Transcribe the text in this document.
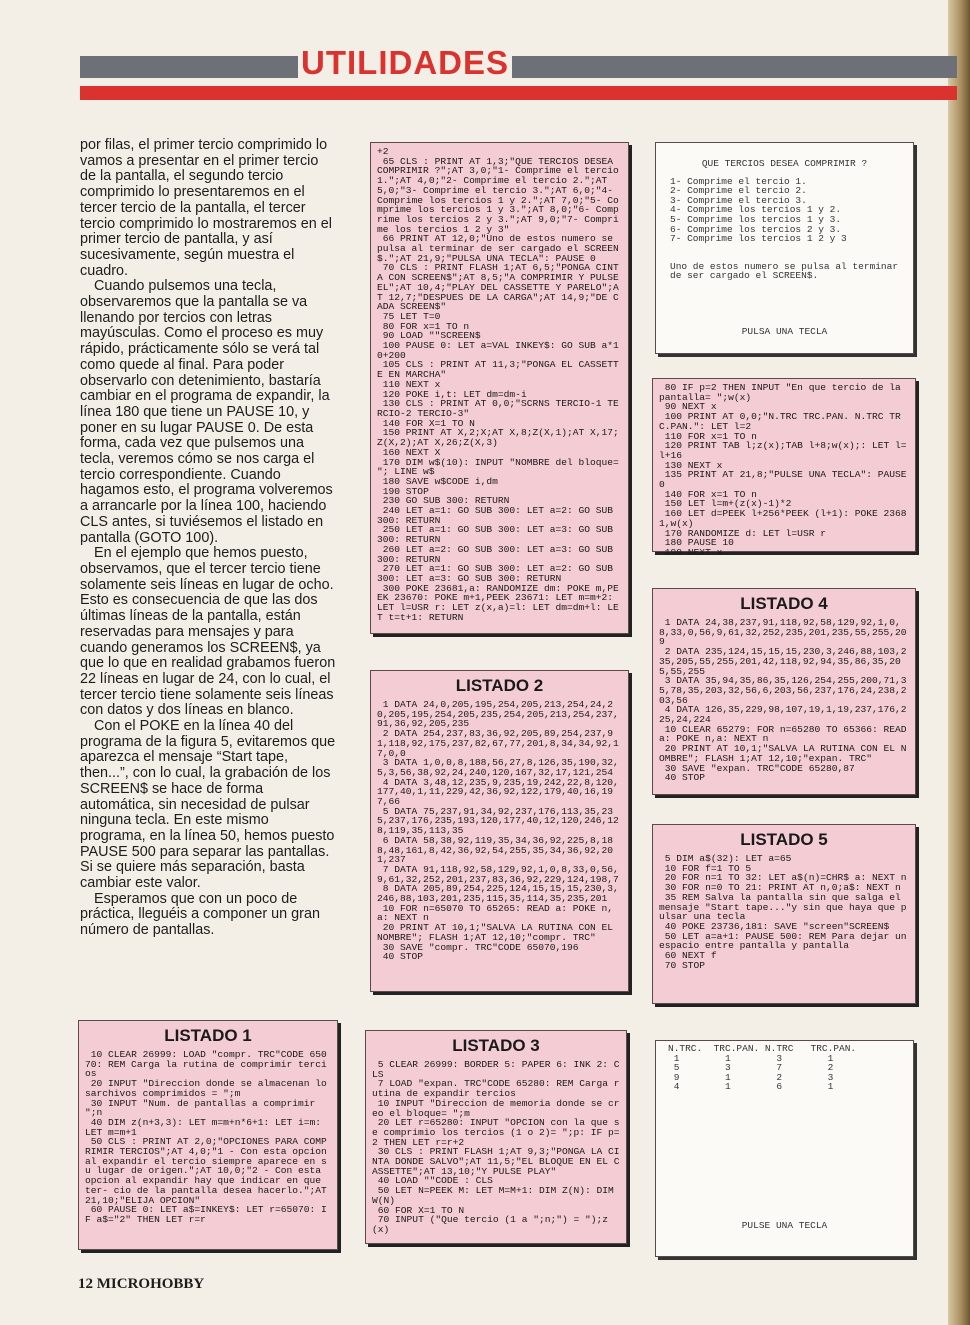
UTILIDADES

por filas, el primer tercio comprimido lo vamos a presentar en el primer tercio de la pantalla, el segundo tercio comprimido lo presentaremos en el tercer tercio de la pantalla, el tercer tercio comprimido lo mostraremos en el primer tercio de pantalla, y así sucesivamente, según muestra el cuadro.

Cuando pulsemos una tecla, observaremos que la pantalla se va llenando por tercios con letras mayúsculas. Como el proceso es muy rápido, prácticamente sólo se verá tal como quede al final. Para poder observarlo con detenimiento, bastaría cambiar en el programa de expandir, la línea 180 que tiene un PAUSE 10, y poner en su lugar PAUSE 0. De esta forma, cada vez que pulsemos una tecla, veremos cómo se nos carga el tercio correspondiente. Cuando hagamos esto, el programa volveremos a arrancarle por la línea 100, haciendo CLS antes, si tuviésemos el listado en pantalla (GOTO 100).

En el ejemplo que hemos puesto, observamos, que el tercer tercio tiene solamente seis líneas en lugar de ocho. Esto es consecuencia de que las dos últimas líneas de la pantalla, están reservadas para mensajes y para cuando generamos los SCREEN$, ya que lo que en realidad grabamos fueron 22 líneas en lugar de 24, con lo cual, el tercer tercio tiene solamente seis líneas con datos y dos líneas en blanco.

Con el POKE en la línea 40 del programa de la figura 5, evitaremos que aparezca el mensaje “Start tape, then...”, con lo cual, la grabación de los SCREEN$ se hace de forma automática, sin necesidad de pulsar ninguna tecla. En este mismo programa, en la línea 50, hemos puesto PAUSE 500 para separar las pantallas. Si se quiere más separación, basta cambiar este valor.

Esperamos que con un poco de práctica, lleguéis a componer un gran número de pantallas.

+2
65 CLS : PRINT AT 1,3;"QUE TERCIOS DESEA COMPRIMIR ?";AT 3,0;"1- Comprime el tercio 1.";AT 4,0;"2- Comprime el tercio 2.";AT 5,0;"3- Comprime el tercio 3.";AT 6,0;"4- Comprime los tercios 1 y 2.";AT 7,0;"5- Comprime los tercios 1 y 3.";AT 8,0;"6- Comprime los tercios 2 y 3.";AT 9,0;"7- Comprime los tercios 1 2 y 3"
66 PRINT AT 12,0;"Uno de estos numero se pulsa al terminar de ser cargado el SCREEN$.";AT 21,9;"PULSA UNA TECLA": PAUSE 0
70 CLS : PRINT FLASH 1;AT 6,5;"PONGA CINTA CON SCREEN$";AT 8,5;"A COMPRIMIR Y PULSE EL";AT 10,4;"PLAY DEL CASSETTE Y PARELO";AT 12,7;"DESPUES DE LA CARGA";AT 14,9;"DE CADA SCREEN$"
75 LET T=0
80 FOR x=1 TO n
90 LOAD ""SCREEN$
100 PAUSE 0: LET a=VAL INKEY$: GO SUB a*10+200
105 CLS : PRINT AT 11,3;"PONGA EL CASSETTE EN MARCHA"
110 NEXT x
120 POKE i,t: LET dm=dm-i
130 CLS : PRINT AT 0,0;"SCRNS TERCIO-1 TERCIO-2 TERCIO-3"
140 FOR X=1 TO N
150 PRINT AT X,2;X;AT X,8;Z(X,1);AT X,17;Z(X,2);AT X,26;Z(X,3)
160 NEXT X
170 DIM w$(10): INPUT "NOMBRE del bloque= "; LINE w$
180 SAVE w$CODE i,dm
190 STOP
230 GO SUB 300: RETURN
240 LET a=1: GO SUB 300: LET a=2: GO SUB 300: RETURN
250 LET a=1: GO SUB 300: LET a=3: GO SUB 300: RETURN
260 LET a=2: GO SUB 300: LET a=3: GO SUB 300: RETURN
270 LET a=1: GO SUB 300: LET a=2: GO SUB 300: LET a=3: GO SUB 300: RETURN
300 POKE 23681,a: RANDOMIZE dm: POKE m,PEEK 23670: POKE m+1,PEEK 23671: LET m=m+2: LET l=USR r: LET z(x,a)=l: LET dm=dm+l: LET t=t+1: RETURN
QUE TERCIOS DESEA COMPRIMIR ?
1- Comprime el tercio 1.
2- Comprime el tercio 2.
3- Comprime el tercio 3.
4- Comprime los tercios 1 y 2.
5- Comprime los tercios 1 y 3.
6- Comprime los tercios 2 y 3.
7- Comprime los tercios 1 2 y 3
Uno de estos numero se pulsa al terminar de ser cargado el SCREEN$.
PULSA UNA TECLA
80 IF p=2 THEN INPUT "En que tercio de la pantalla= ";w(x)
90 NEXT x
100 PRINT AT 0,0;"N.TRC TRC.PAN. N.TRC TRC.PAN.": LET l=2
110 FOR x=1 TO n
120 PRINT TAB l;z(x);TAB l+8;w(x);: LET l=l+16
130 NEXT x
135 PRINT AT 21,8;"PULSE UNA TECLA": PAUSE 0
140 FOR x=1 TO n
150 LET l=m+(z(x)-1)*2
160 LET d=PEEK l+256*PEEK (l+1): POKE 23681,w(x)
170 RANDOMIZE d: LET l=USR r
180 PAUSE 10
190 NEXT x
LISTADO 4
1 DATA 24,38,237,91,118,92,58,129,92,1,0,8,33,0,56,9,61,32,252,235,201,235,55,255,209
2 DATA 235,124,15,15,15,230,3,246,88,103,235,205,55,255,201,42,118,92,94,35,86,35,205,55,255
3 DATA 35,94,35,86,35,126,254,255,200,71,35,78,35,203,32,56,6,203,56,237,176,24,238,203,56
4 DATA 126,35,229,98,107,19,1,19,237,176,225,24,224
10 CLEAR 65279: FOR n=65280 TO 65366: READ a: POKE n,a: NEXT n
20 PRINT AT 10,1;"SALVA LA RUTINA CON EL NOMBRE"; FLASH 1;AT 12,10;"expan. TRC"
30 SAVE "expan. TRC"CODE 65280,87
40 STOP
LISTADO 2
1 DATA 24,0,205,195,254,205,213,254,24,20,205,195,254,205,235,254,205,213,254,237,91,36,92,205,235
2 DATA 254,237,83,36,92,205,89,254,237,91,118,92,175,237,82,67,77,201,8,34,34,92,17,0,0
3 DATA 1,0,0,8,188,56,27,8,126,35,190,32,5,3,56,38,92,24,240,120,167,32,17,121,254
4 DATA 3,48,12,235,9,235,19,242,22,8,120,177,40,1,11,229,42,36,92,122,179,40,16,197,66
5 DATA 75,237,91,34,92,237,176,113,35,235,237,176,235,193,120,177,40,12,120,246,128,119,35,113,35
6 DATA 58,38,92,119,35,34,36,92,225,8,188,48,161,8,42,36,92,54,255,35,34,36,92,201,237
7 DATA 91,118,92,58,129,92,1,0,8,33,0,56,9,61,32,252,201,237,83,36,92,229,124,198,7
8 DATA 205,89,254,225,124,15,15,15,230,3,246,88,103,201,235,115,35,114,35,235,201
10 FOR n=65070 TO 65265: READ a: POKE n,a: NEXT n
20 PRINT AT 10,1;"SALVA LA RUTINA CON EL NOMBRE"; FLASH 1;AT 12,10;"compr. TRC"
30 SAVE "compr. TRC"CODE 65070,196
40 STOP
LISTADO 5
5 DIM a$(32): LET a=65
10 FOR f=1 TO 5
20 FOR n=1 TO 32: LET a$(n)=CHR$ a: NEXT n
30 FOR n=0 TO 21: PRINT AT n,0;a$: NEXT n
35 REM Salva la pantalla sin que salga el mensaje "Start tape..."y sin que haya que pulsar una tecla
40 POKE 23736,181: SAVE "screen"SCREEN$
50 LET a=a+1: PAUSE 500: REM Para dejar un espacio entre pantalla y pantalla
60 NEXT f
70 STOP
LISTADO 1
10 CLEAR 26999: LOAD "compr. TRC"CODE 65070: REM Carga la rutina de comprimir tercios
20 INPUT "Direccion donde se almacenan losarchivos comprimidos = ";m
30 INPUT "Num. de pantallas a comprimir ";n
40 DIM z(n+3,3): LET m=m+n*6+1: LET i=m: LET m=m+1
50 CLS : PRINT AT 2,0;"OPCIONES PARA COMPRIMIR TERCIOS";AT 4,0;"1 - Con esta opcion al expandir el tercio siempre aparece en su lugar de origen.";AT 10,0;"2 - Con esta opcion al expandir hay que indicar en que ter- cio de la pantalla desea hacerlo.";AT 21,10;"ELIJA OPCION"
60 PAUSE 0: LET a$=INKEY$: LET r=65070: IF a$="2" THEN LET r=r
LISTADO 3
5 CLEAR 26999: BORDER 5: PAPER 6: INK 2: CLS
7 LOAD "expan. TRC"CODE 65280: REM Carga rutina de expandir tercios
10 INPUT "Direccion de memoria donde se creo el bloque= ";m
20 LET r=65280: INPUT "OPCION con la que se comprimio los tercios (1 o 2)= ";p: IF p=2 THEN LET r=r+2
30 CLS : PRINT FLASH 1;AT 9,3;"PONGA LA CINTA DONDE SALVO";AT 11,5;"EL BLOQUE EN EL CASSETTE";AT 13,10;"Y PULSE PLAY"
40 LOAD ""CODE : CLS
50 LET N=PEEK M: LET M=M+1: DIM Z(N): DIM W(N)
60 FOR X=1 TO N
70 INPUT ("Que tercio (1 a ";n;") = ");z(x)
N.TRC.  TRC.PAN. N.TRC   TRC.PAN.
1        1        3        1
5        3        7        2
9        1        2        3
4        1        6        1
PULSE UNA TECLA
12 MICROHOBBY
